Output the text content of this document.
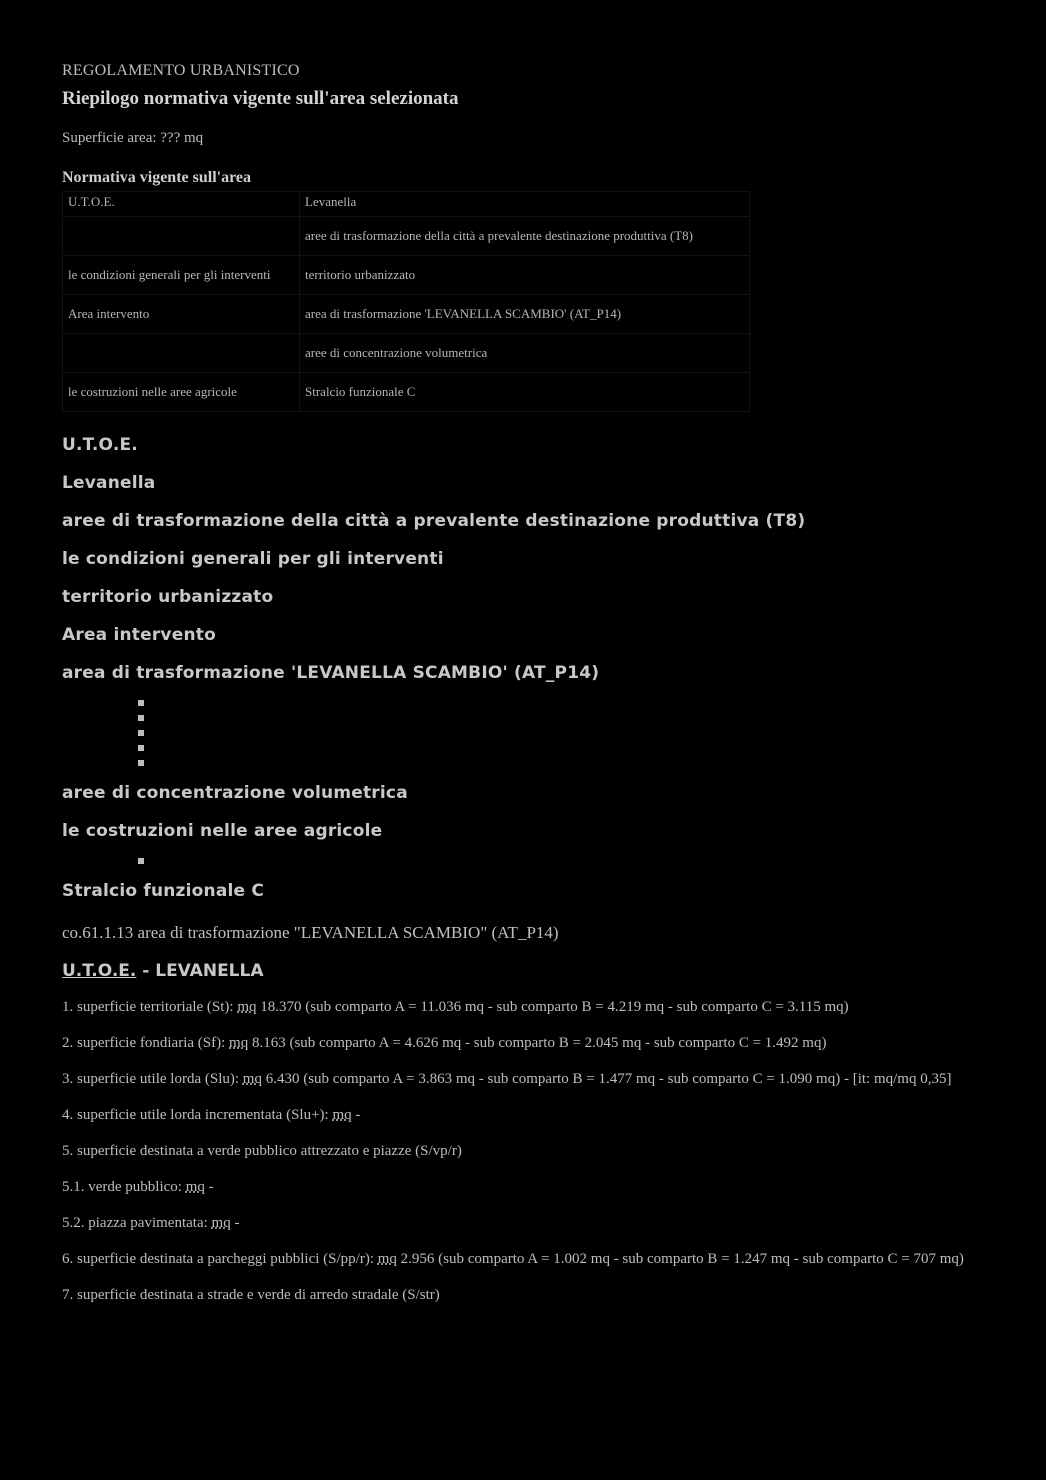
REGOLAMENTO URBANISTICO
Riepilogo normativa vigente sull'area selezionata
Superficie area: ??? mq
Normativa vigente sull'area
U.T.O.E.	Levanella
	aree di trasformazione della città a prevalente destinazione produttiva (T8)
le condizioni generali per gli interventi	territorio urbanizzato
Area intervento	area di trasformazione 'LEVANELLA SCAMBIO' (AT_P14)
	aree di concentrazione volumetrica
le costruzioni nelle aree agricole	Stralcio funzionale C
U.T.O.E.
Levanella
aree di trasformazione della città a prevalente destinazione produttiva (T8)
le condizioni generali per gli interventi
territorio urbanizzato
Area intervento
area di trasformazione 'LEVANELLA SCAMBIO' (AT_P14)
aree di concentrazione volumetrica
le costruzioni nelle aree agricole
Stralcio funzionale C
co.61.1.13 area di trasformazione "LEVANELLA SCAMBIO" (AT_P14)
U.T.O.E. - LEVANELLA

1. superficie territoriale (St): mq 18.370 (sub comparto A = 11.036 mq - sub comparto B = 4.219 mq - sub comparto C = 3.115 mq)

2. superficie fondiaria (Sf): mq 8.163 (sub comparto A = 4.626 mq - sub comparto B = 2.045 mq - sub comparto C = 1.492 mq)

3. superficie utile lorda (Slu): mq 6.430 (sub comparto A = 3.863 mq - sub comparto B = 1.477 mq - sub comparto C = 1.090 mq) - [it: mq/mq 0,35]

4. superficie utile lorda incrementata (Slu+): mq -

5. superficie destinata a verde pubblico attrezzato e piazze (S/vp/r)

5.1. verde pubblico: mq -

5.2. piazza pavimentata: mq -

6. superficie destinata a parcheggi pubblici (S/pp/r): mq 2.956 (sub comparto A = 1.002 mq - sub comparto B = 1.247 mq - sub comparto C = 707 mq)

7. superficie destinata a strade e verde di arredo stradale (S/str)
